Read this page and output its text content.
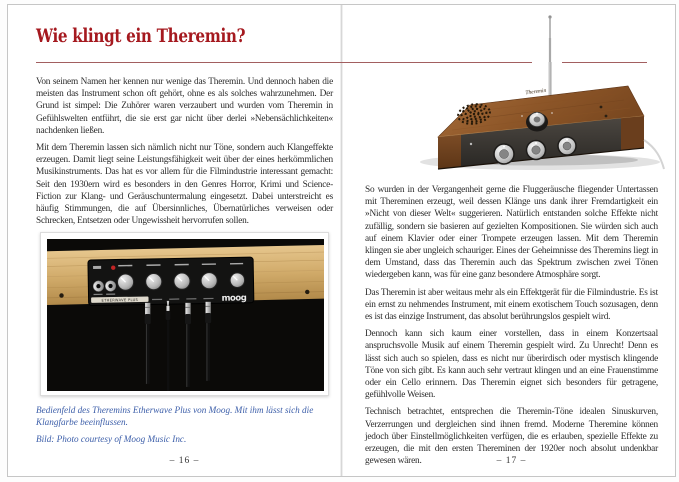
Wie klingt ein Theremin?

Von seinem Namen her kennen nur wenige das Theremin. Und dennoch haben die meisten das Instrument schon oft gehört, ohne es als solches wahrzunehmen. Der Grund ist simpel: Die Zuhörer waren verzaubert und wurden vom Theremin in Gefühlswelten entführt, die sie erst gar nicht über derlei »Nebensächlichkeiten« nachdenken ließen.

Mit dem Theremin lassen sich nämlich nicht nur Töne, sondern auch Klangeffekte erzeugen. Damit liegt seine Leistungsfähigkeit weit über der eines herkömmlichen Musikinstruments. Das hat es vor allem für die Filmindustrie interessant gemacht: Seit den 1930ern wird es besonders in den Genres Horror, Krimi und Science-Fiction zur Klang- und Geräuschuntermalung eingesetzt. Dabei unterstreicht es häufig Stimmungen, die auf Übersinnliches, Übernatürliches verweisen oder Schrecken, Entsetzen oder Ungewissheit hervorrufen sollen.

ETHERWAVE PLUS	moog

Bedienfeld des Theremins Etherwave Plus von Moog. Mit ihm lässt sich die Klangfarbe beeinflussen.

Bild: Photo courtesy of Moog Music Inc.

– 16 –
Theremin

So wurden in der Vergangenheit gerne die Fluggeräusche fliegender Untertassen mit Thereminen erzeugt, weil dessen Klänge uns dank ihrer Fremdartigkeit ein »Nicht von dieser Welt« suggerieren. Natürlich entstanden solche Effekte nicht zufällig, sondern sie basieren auf gezielten Kompositionen. Sie würden sich auch auf einem Klavier oder einer Trompete erzeugen lassen. Mit dem Theremin klingen sie aber ungleich schauriger. Eines der Geheimnisse des Theremins liegt in dem Umstand, dass das Theremin auch das Spektrum zwischen zwei Tönen wiedergeben kann, was für eine ganz besondere Atmosphäre sorgt.

Das Theremin ist aber weitaus mehr als ein Effektgerät für die Filmindustrie. Es ist ein ernst zu nehmendes Instrument, mit einem exotischem Touch sozusagen, denn es ist das einzige Instrument, das absolut berührungslos gespielt wird.

Dennoch kann sich kaum einer vorstellen, dass in einem Konzertsaal anspruchsvolle Musik auf einem Theremin gespielt wird. Zu Unrecht! Denn es lässt sich auch so spielen, dass es nicht nur überirdisch oder mystisch klingende Töne von sich gibt. Es kann auch sehr vertraut klingen und an eine Frauenstimme oder ein Cello erinnern. Das Theremin eignet sich besonders für getragene, gefühlvolle Weisen.

Technisch betrachtet, entsprechen die Theremin-Töne idealen Sinuskurven, Verzerrungen und dergleichen sind ihnen fremd. Moderne Theremine können jedoch über Einstellmöglichkeiten verfügen, die es erlauben, spezielle Effekte zu erzeugen, die mit den ersten Thereminen der 1920er noch absolut undenkbar gewesen wären.	– 17 –
